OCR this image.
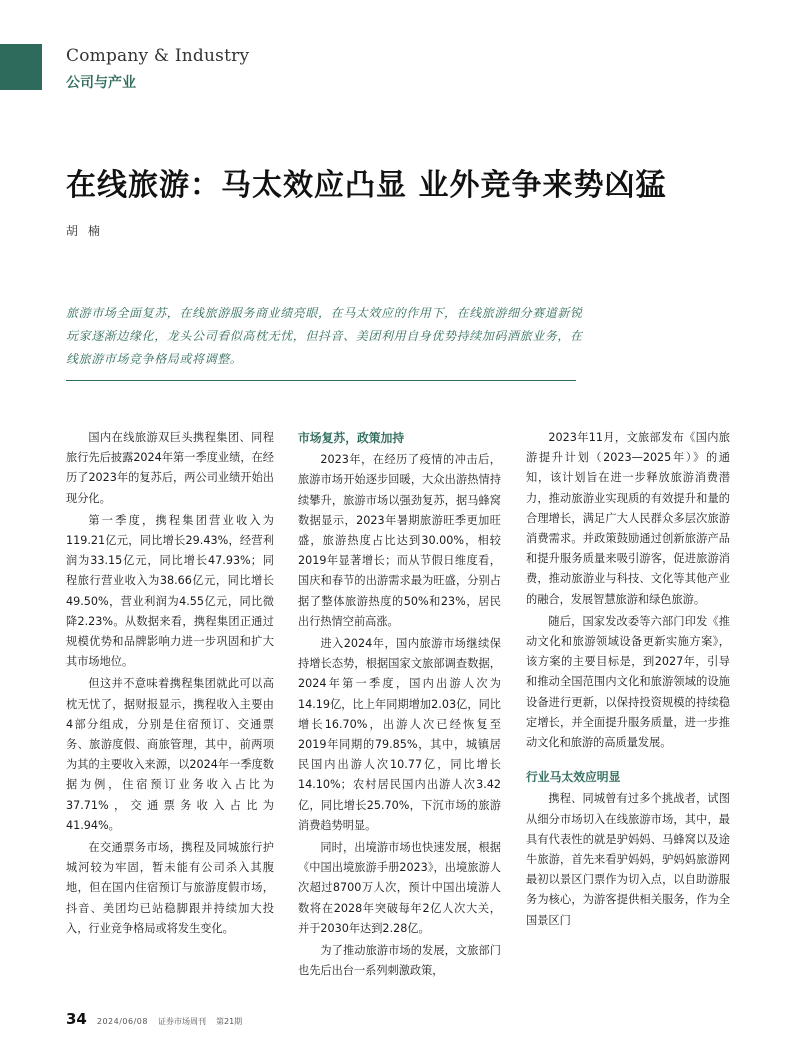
Company & Industry
公司与产业
在线旅游：马太效应凸显 业外竞争来势凶猛
胡 楠
旅游市场全面复苏，在线旅游服务商业绩亮眼，在马太效应的作用下，在线旅游细分赛道新锐玩家逐渐边缘化，龙头公司看似高枕无忧，但抖音、美团利用自身优势持续加码酒旅业务，在线旅游市场竞争格局或将调整。

国内在线旅游双巨头携程集团、同程旅行先后披露2024年第一季度业绩，在经历了2023年的复苏后，两公司业绩开始出现分化。

第一季度，携程集团营业收入为119.21亿元，同比增长29.43%，经营利润为33.15亿元，同比增长47.93%；同程旅行营业收入为38.66亿元，同比增长49.50%，营业利润为4.55亿元，同比微降2.23%。从数据来看，携程集团正通过规模优势和品牌影响力进一步巩固和扩大其市场地位。

但这并不意味着携程集团就此可以高枕无忧了，据财报显示，携程收入主要由4部分组成，分别是住宿预订、交通票务、旅游度假、商旅管理，其中，前两项为其的主要收入来源，以2024年一季度数据为例，住宿预订业务收入占比为37.71%，交通票务收入占比为41.94%。

在交通票务市场，携程及同城旅行护城河较为牢固，暂未能有公司杀入其腹地，但在国内住宿预订与旅游度假市场，抖音、美团均已站稳脚跟并持续加大投入，行业竞争格局或将发生变化。

市场复苏，政策加持

2023年，在经历了疫情的冲击后，旅游市场开始逐步回暖，大众出游热情持续攀升，旅游市场以强劲复苏，据马蜂窝数据显示，2023年暑期旅游旺季更加旺盛，旅游热度占比达到30.00%，相较2019年显著增长；而从节假日维度看，国庆和春节的出游需求最为旺盛，分别占据了整体旅游热度的50%和23%，居民出行热情空前高涨。

进入2024年，国内旅游市场继续保持增长态势，根据国家文旅部调查数据，2024年第一季度，国内出游人次为14.19亿，比上年同期增加2.03亿，同比增长16.70%，出游人次已经恢复至2019年同期的79.85%，其中，城镇居民国内出游人次10.77亿，同比增长14.10%；农村居民国内出游人次3.42亿，同比增长25.70%，下沉市场的旅游消费趋势明显。

同时，出境游市场也快速发展，根据《中国出境旅游手册2023》，出境旅游人次超过8700万人次，预计中国出境游人数将在2028年突破每年2亿人次大关，并于2030年达到2.28亿。

为了推动旅游市场的发展，文旅部门也先后出台一系列刺激政策，

2023年11月，文旅部发布《国内旅游提升计划（2023—2025年）》的通知，该计划旨在进一步释放旅游消费潜力，推动旅游业实现质的有效提升和量的合理增长，满足广大人民群众多层次旅游消费需求。并政策鼓励通过创新旅游产品和提升服务质量来吸引游客，促进旅游消费，推动旅游业与科技、文化等其他产业的融合，发展智慧旅游和绿色旅游。

随后，国家发改委等六部门印发《推动文化和旅游领域设备更新实施方案》，该方案的主要目标是，到2027年，引导和推动全国范围内文化和旅游领域的设施设备进行更新，以保持投资规模的持续稳定增长，并全面提升服务质量，进一步推动文化和旅游的高质量发展。

行业马太效应明显

携程、同城曾有过多个挑战者，试图从细分市场切入在线旅游市场，其中，最具有代表性的就是驴妈妈、马蜂窝以及途牛旅游，首先来看驴妈妈，驴妈妈旅游网最初以景区门票作为切入点，以自助游服务为核心，为游客提供相关服务，作为全国景区门

34 2024/06/08 证券市场周刊 第21期
